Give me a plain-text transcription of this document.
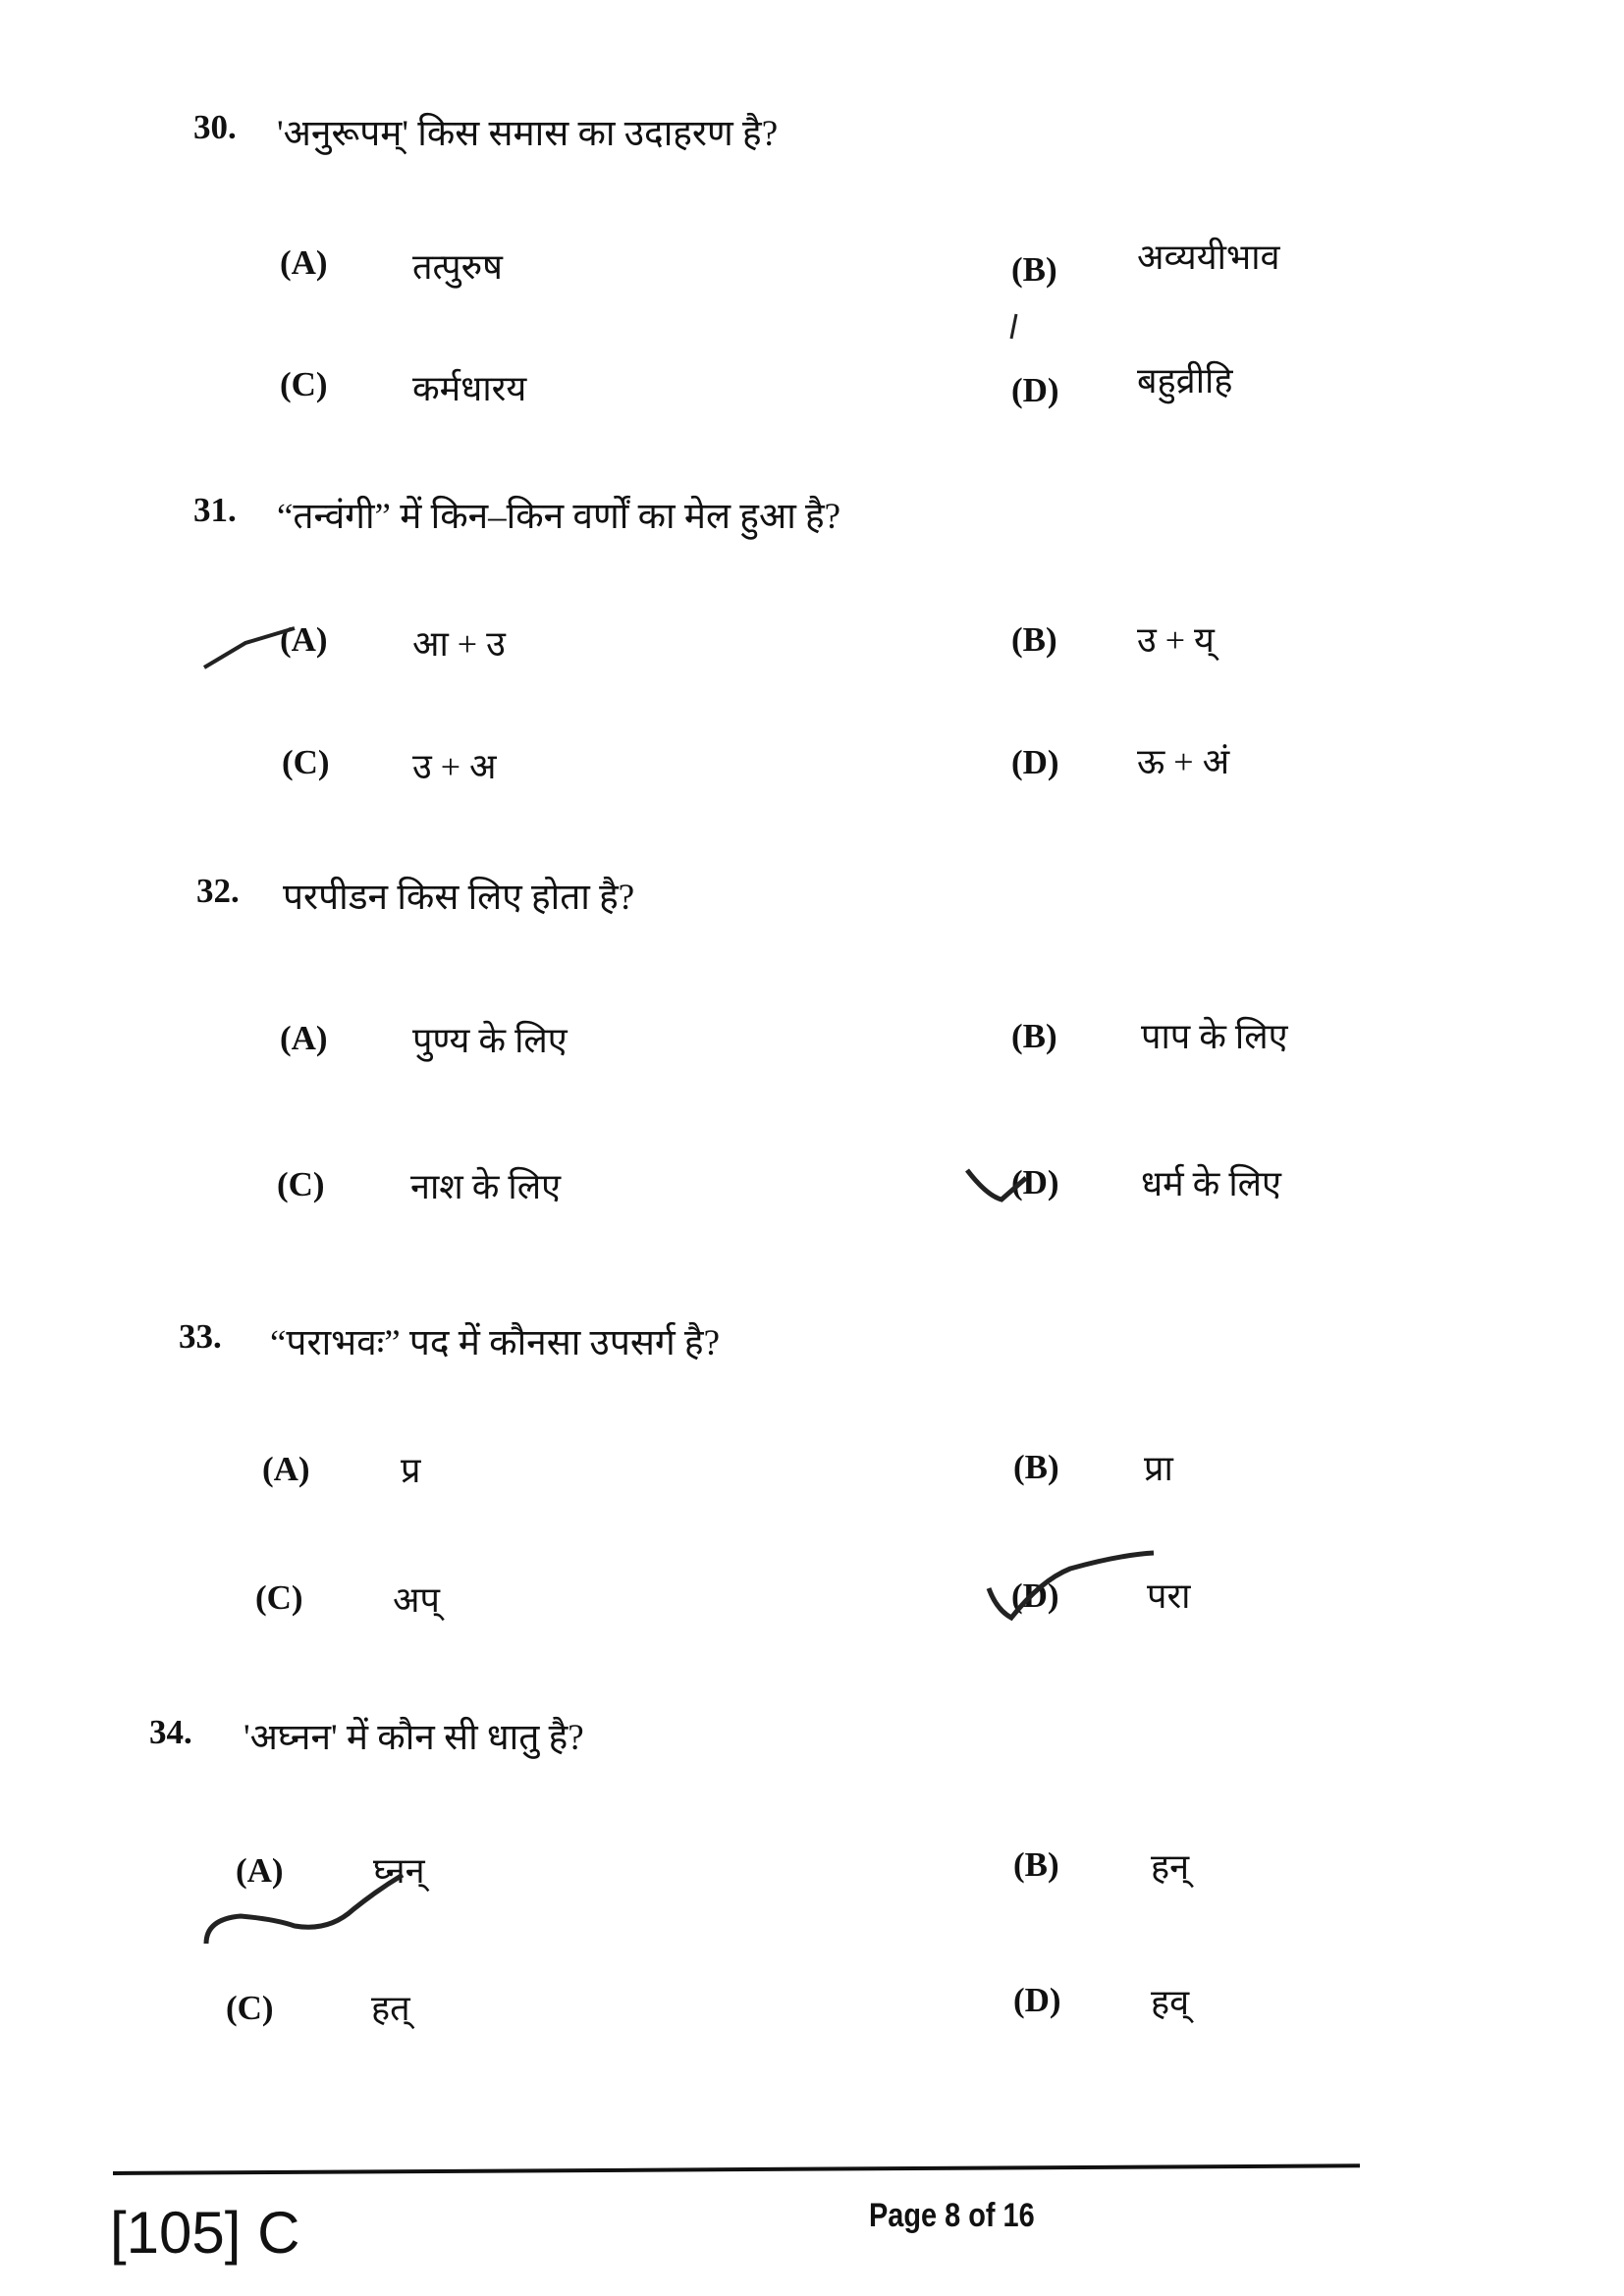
30. 'अनुरूपम्' किस समास का उदाहरण है?
(A) तत्पुरुष	(B) अव्ययीभाव
(C) कर्मधारय	(D) बहुव्रीहि
31. “तन्वंगी” में किन–किन वर्णों का मेल हुआ है?
(A) आ + उ	(B) उ + य्
(C) उ + अ	(D) ऊ + अं
32. परपीडन किस लिए होता है?
(A) पुण्य के लिए	(B) पाप के लिए
(C) नाश के लिए	(D) धर्म के लिए
33. “पराभवः” पद में कौनसा उपसर्ग है?
(A)	प्र	(B) प्रा
(C)	अप्	(D) परा
34. 'अघ्नन' में कौन सी धातु है?
(A)	घ्नन्	(B)	हन्
(C)	हत्	(D)	हव्
[105] C	Page 8 of 16
